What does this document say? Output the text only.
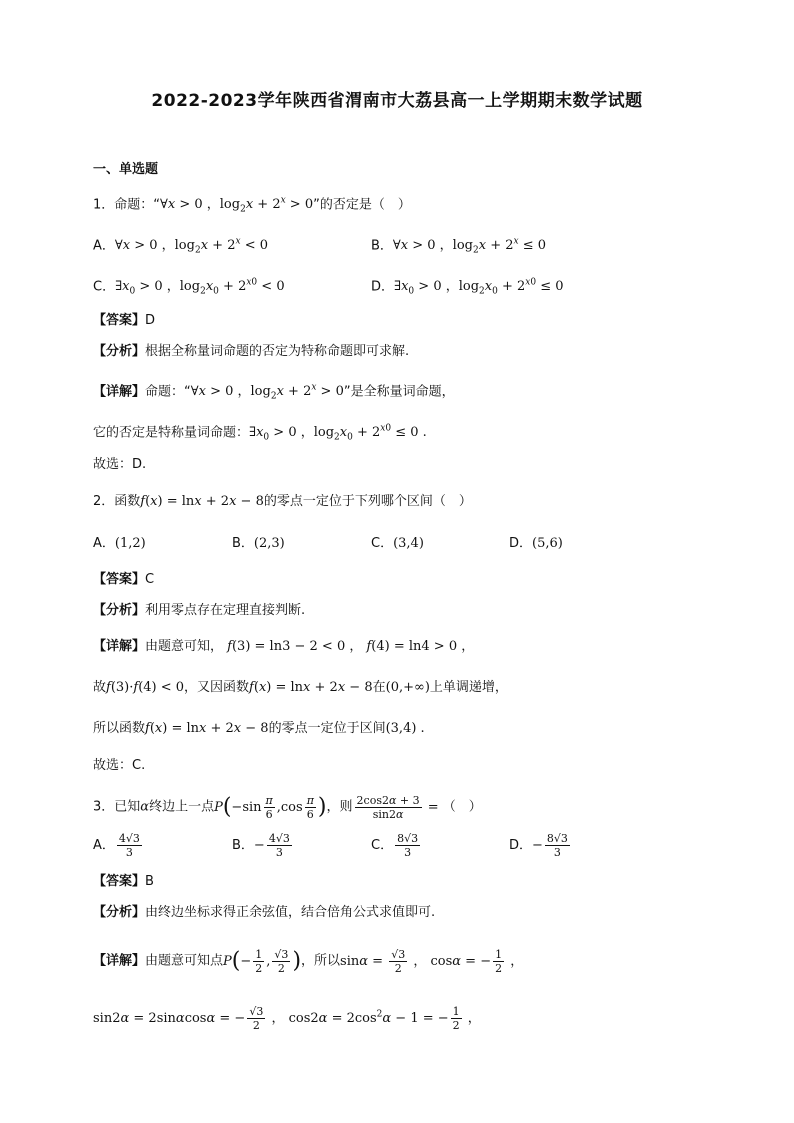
2022-2023学年陕西省渭南市大荔县高一上学期期末数学试题
一、单选题
1．命题：“∀x > 0 ，$\log_2x + 2^x > 0$”的否定是（　）
A．∀x > 0 ，$\log_2x + 2^x < 0$	B．∀x > 0 ，$\log_2x + 2^x \le 0$
C．$\exists x_0 > 0$ ，$\log_2x_0 + 2^{x0} < 0$	D．$\exists x_0 > 0$ ，$\log_2x_0 + 2^{x0} \le 0$
【答案】D
【分析】根据全称量词命题的否定为特称命题即可求解.
【详解】命题：“∀x > 0 ，$\log_2x + 2^x > 0$”是全称量词命题，
它的否定是特称量词命题：$\exists x_0 > 0$ ，$\log_2x_0 + 2^{x0} \le 0$ .
故选：D.
2．函数f(x) = lnx + 2x − 8的零点一定位于下列哪个区间（　）
A．(1,2)	B．(2,3)	C．(3,4)	D．(5,6)
【答案】C
【分析】利用零点存在定理直接判断.
【详解】由题意可知， f(3) = ln3 − 2 < 0 ， f(4) = ln4 > 0 ，
故f(3)·f(4) < 0，又因函数f(x) = lnx + 2x − 8在(0,+∞)上单调递增，
所以函数f(x) = lnx + 2x − 8的零点一定位于区间(3,4) .
故选：C.
3．已知α终边上一点$P(-\sin \frac{\pi}{6} ,\cos \frac{\pi}{6}$ )，则 $\frac{2\cos 2\alpha + 3}{\sin 2\alpha}$ = （　）
A． $\frac{4√3}{3}$	B．− $\frac{4√3}{3}$	C． $\frac{8√3}{3}$	D．− $\frac{8√3}{3}$
【答案】B
【分析】由终边坐标求得正余弦值，结合倍角公式求值即可.
【详解】由题意可知点$P(- \frac{1}{2}$ , $\frac{√3}{2}$ )，所以$\sin\alpha = \frac{√3}{2}$ ， cosα = − $\frac{1}{2}$ ，
sin2α = 2sinαcosα = − $\frac{√3}{2}$ ， $\cos 2\alpha = 2\cos^2\alpha - 1$ = − $\frac{1}{2}$ ，
